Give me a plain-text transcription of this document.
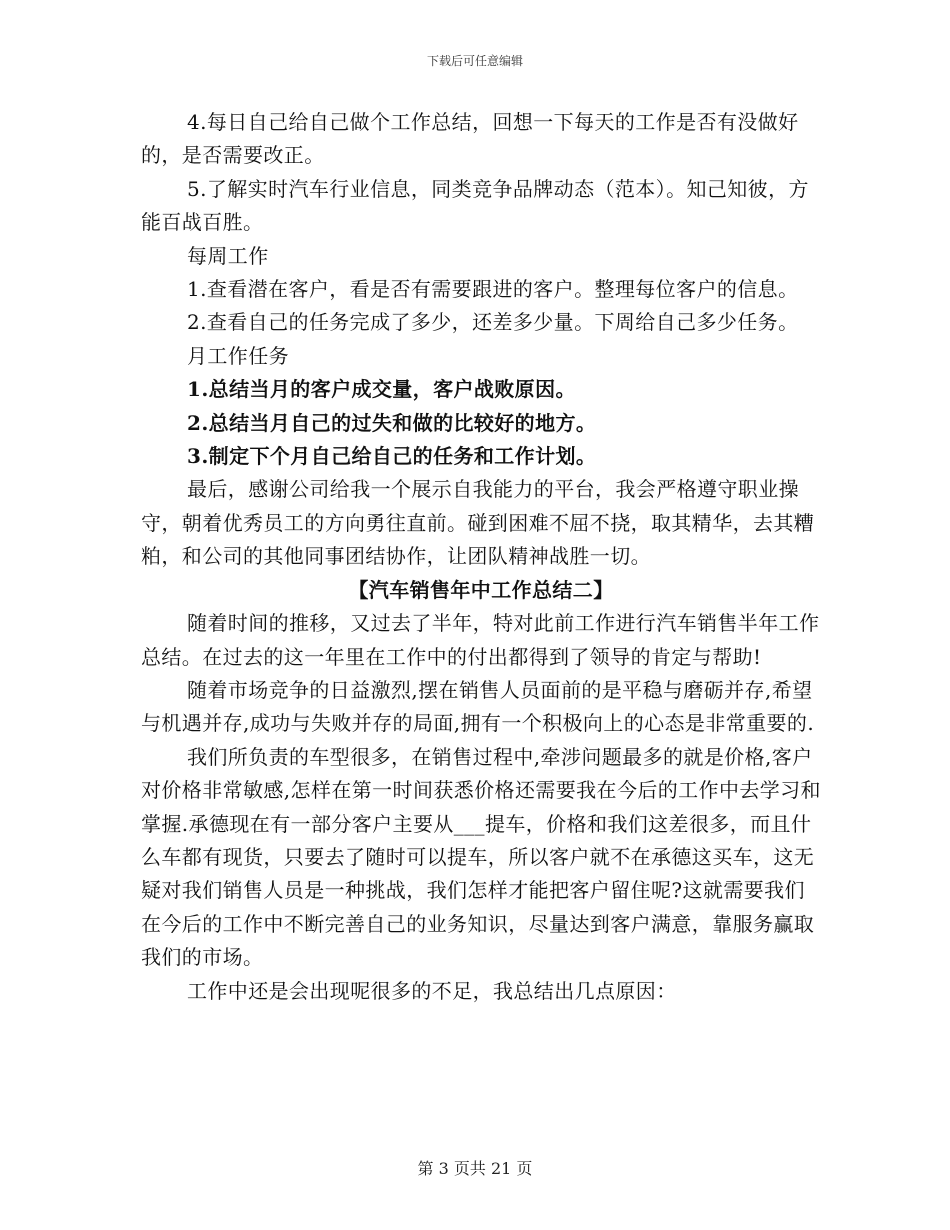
下载后可任意编辑

4.每日自己给自己做个工作总结，回想一下每天的工作是否有没做好的，是否需要改正。

5.了解实时汽车行业信息，同类竞争品牌动态（范本）。知己知彼，方能百战百胜。

每周工作

1.查看潜在客户，看是否有需要跟进的客户。整理每位客户的信息。

2.查看自己的任务完成了多少，还差多少量。下周给自己多少任务。

月工作任务

1.总结当月的客户成交量，客户战败原因。

2.总结当月自己的过失和做的比较好的地方。

3.制定下个月自己给自己的任务和工作计划。

最后，感谢公司给我一个展示自我能力的平台，我会严格遵守职业操守，朝着优秀员工的方向勇往直前。碰到困难不屈不挠，取其精华，去其糟粕，和公司的其他同事团结协作，让团队精神战胜一切。

【汽车销售年中工作总结二】

随着时间的推移，又过去了半年，特对此前工作进行汽车销售半年工作总结。在过去的这一年里在工作中的付出都得到了领导的肯定与帮助!

随着市场竞争的日益激烈,摆在销售人员面前的是平稳与磨砺并存,希望与机遇并存,成功与失败并存的局面,拥有一个积极向上的心态是非常重要的.

我们所负责的车型很多，在销售过程中,牵涉问题最多的就是价格,客户对价格非常敏感,怎样在第一时间获悉价格还需要我在今后的工作中去学习和掌握.承德现在有一部分客户主要从___提车，价格和我们这差很多，而且什么车都有现货，只要去了随时可以提车，所以客户就不在承德这买车，这无疑对我们销售人员是一种挑战，我们怎样才能把客户留住呢?这就需要我们在今后的工作中不断完善自己的业务知识，尽量达到客户满意，靠服务赢取我们的市场。

工作中还是会出现呢很多的不足，我总结出几点原因：

第 3 页共 21 页
